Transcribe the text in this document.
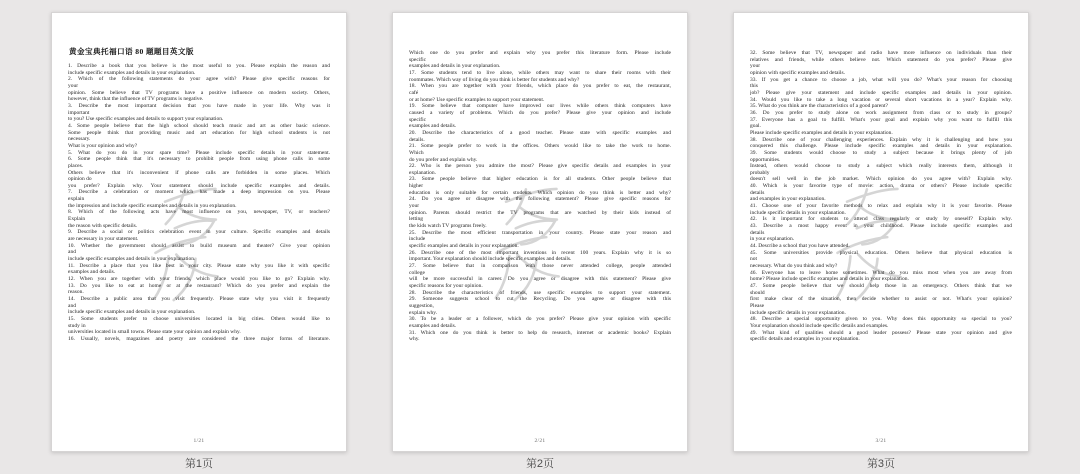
黄金宝典托福口语 80 题题目英文版
1. Describe a book that you believe is the most useful to you. Please explain the reason and
include specific examples and details in your explanation.
2. Which of the following statements do your agree with? Please give specific reasons for
your
opinion. Some believe that TV programs have a positive influence on modern society. Others,
however, think that the influence of TV programs is negative.
3. Describe the most important decision that you have made in your life. Why was it
important
to you? Use specific examples and details to support your explanation.
4. Some people believe that the high school should teach music and art as other basic science.
Some people think that providing music and art education for high school students is not
necessary.
What is your opinion and why?
5. What do you do in your spare time? Please include specific details in your statement.
6. Some people think that it's necessary to prohibit people from using phone calls in some
places.
Others believe that it's inconvenient if phone calls are forbidden in some places. Which
opinion do
you prefer? Explain why. Your statement should include specific examples and details.
7. Describe a celebration or moment which has made a deep impression on you. Please
explain
the impression and include specific examples and details in you explanation.
8. Which of the following acts have most influence on you, newspaper, TV, or teachers?
Explain
the reason with specific details.
9. Describe a social or politics celebration event in your culture. Specific examples and details
are necessary in your statement.
10. Whether the government should assist to build museum and theater? Give your opinion
and
include specific examples and details in your explanation.
11. Describe a place that you like best in your city. Please state why you like it with specific
examples and details.
12. When you are together with your friends, which place would you like to go? Explain why.
13. Do you like to eat at home or at the restaurant? Which do you prefer and explain the
reason.
14. Describe a public area that you visit frequently. Please state why you visit it frequently
and
include specific examples and details in your explanation.
15. Some students prefer to choose universities located in big cities. Others would like to
study in
universities located in small towns. Please state your opinion and explain why.
16. Usually, novels, magazines and poetry are considered the three major forms of literature.
1/21
Which one do you prefer and explain why you prefer this literature form. Please include
specific
examples and details in your explanation.
17. Some students tend to live alone, while others may want to share their rooms with their
roommates. Which way of living do you think is better for students and why?
18. When you are together with your friends, which place do you prefer to eat, the restaurant,
café
or at home? Use specific examples to support your statement.
19. Some believe that computer have improved our lives while others think computers have
caused a variety of problems. Which do you prefer? Please give your opinion and include
specific
examples and details.
20. Describe the characteristics of a good teacher. Please state with specific examples and
details.
21. Some people prefer to work in the offices. Others would like to take the work to home.
Which
do you prefer and explain why.
22. Who is the person you admire the most? Please give specific details and examples in your
explanation.
23. Some people believe that higher education is for all students. Other people believe that
higher
education is only suitable for certain students. Which opinion do you think is better and why?
24. Do you agree or disagree with the following statement? Please give specific reasons for
your
opinion. Parents should restrict the TV programs that are watched by their kids instead of
letting
the kids watch TV programs freely.
25. Describe the most efficient transportation in your country. Please state your reason and
include
specific examples and details in your explanation.
26. Describe one of the most important inventions in recent 100 years. Explain why it is so
important. Your explanation should include specific examples and details.
27. Some believe that in comparison with those never attended college, people attended
college
will be more successful in career. Do you agree or disagree with this statement? Please give
specific reasons for your opinion.
28. Describe the characteristics of friends, use specific examples to support your statement.
29. Someone suggests school to cut the Recycling. Do you agree or disagree with this
suggestion,
explain why.
30. To be a leader or a follower, which do you prefer? Please give your opinion with specific
examples and details.
31. Which one do you think is better to help do research, internet or academic books? Explain
why.
2/21
32. Some believe that TV, newspaper and radio have more influence on individuals than their
relatives and friends, while others believe not. Which statement do you prefer? Please give
your
opinion with specific examples and details.
33. If you get a chance to choose a job, what will you do? What's your reason for choosing
this
job? Please give your statement and include specific examples and details in your opinion.
34. Would you like to take a long vacation or several short vacations in a year? Explain why.
35. What do you think are the characteristics of a good parent?
36. Do you prefer to study alone on work assignment from class or to study in groups?
37. Everyone has a goal to fulfill. What's your goal and explain why you want to fulfill this
goal.
Please include specific examples and details in your explanation.
38. Describe one of your challenging experiences. Explain why it is challenging and how you
conquered this challenge. Please include specific examples and details in your explanation.
39. Some students would choose to study a subject because it brings plenty of job
opportunities.
Instead, others would choose to study a subject which really interests them, although it
probably
doesn't sell well in the job market. Which opinion do you agree with? Explain why.
40. Which is your favorite type of movie: action, drama or others? Please include specific
details
and examples in your explanation.
41. Choose one of your favorite methods to relax and explain why it is your favorite. Please
include specific details in your explanation.
42. Is it important for students to attend class regularly or study by oneself? Explain why.
43. Describe a most happy event in your childhood. Please include specific examples and
details
in your explanation.
44. Describe a school that you have attended.
45. Some universities provide physical education. Others believe that physical education is
not
necessary. What do you think and why?
46. Everyone has to leave home sometimes. What do you miss most when you are away from
home? Please include specific examples and details in your explanation.
47. Some people believe that we should help those in an emergency. Others think that we
should
first make clear of the situation, then decide whether to assist or not. What's your opinion?
Please
include specific details in your explanation.
48. Describe a special opportunity given to you. Why does this opportunity so special to you?
Your explanation should include specific details and examples.
49. What kind of qualities should a good leader possess? Please state your opinion and give
specific details and examples in your explanation.
3/21
第1页	第2页	第3页
